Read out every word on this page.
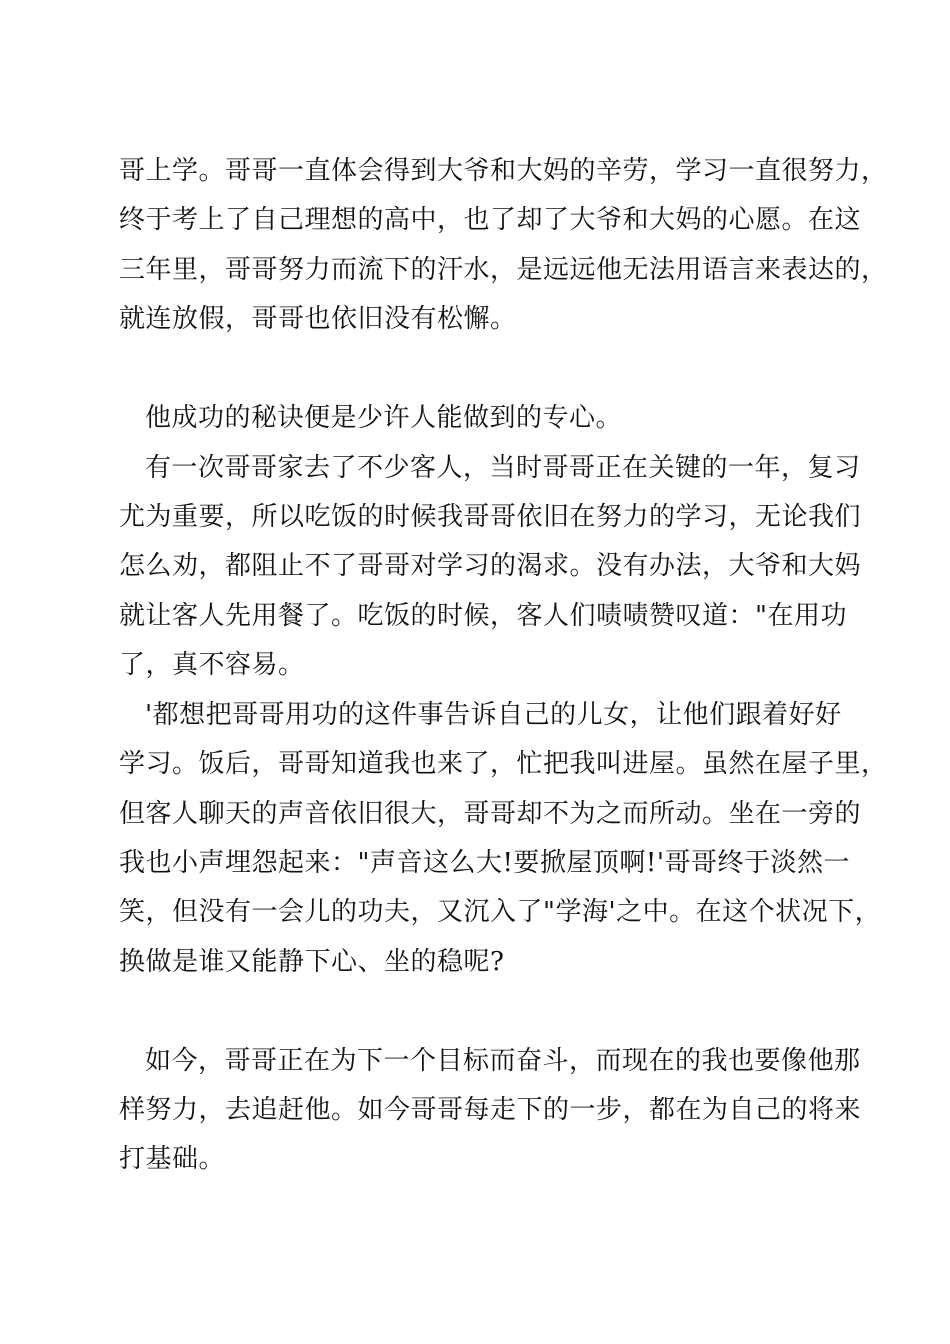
哥上学。哥哥一直体会得到大爷和大妈的辛劳，学习一直很努力，
终于考上了自己理想的高中，也了却了大爷和大妈的心愿。在这
三年里，哥哥努力而流下的汗水，是远远他无法用语言来表达的，
就连放假，哥哥也依旧没有松懈。
他成功的秘诀便是少许人能做到的专心。
有一次哥哥家去了不少客人，当时哥哥正在关键的一年，复习
尤为重要，所以吃饭的时候我哥哥依旧在努力的学习，无论我们
怎么劝，都阻止不了哥哥对学习的渴求。没有办法，大爷和大妈
就让客人先用餐了。吃饭的时候，客人们啧啧赞叹道："在用功
了，真不容易。
'都想把哥哥用功的这件事告诉自己的儿女，让他们跟着好好
学习。饭后，哥哥知道我也来了，忙把我叫进屋。虽然在屋子里，
但客人聊天的声音依旧很大，哥哥却不为之而所动。坐在一旁的
我也小声埋怨起来："声音这么大!要掀屋顶啊!'哥哥终于淡然一
笑，但没有一会儿的功夫，又沉入了"学海'之中。在这个状况下，
换做是谁又能静下心、坐的稳呢?
如今，哥哥正在为下一个目标而奋斗，而现在的我也要像他那
样努力，去追赶他。如今哥哥每走下的一步，都在为自己的将来
打基础。
